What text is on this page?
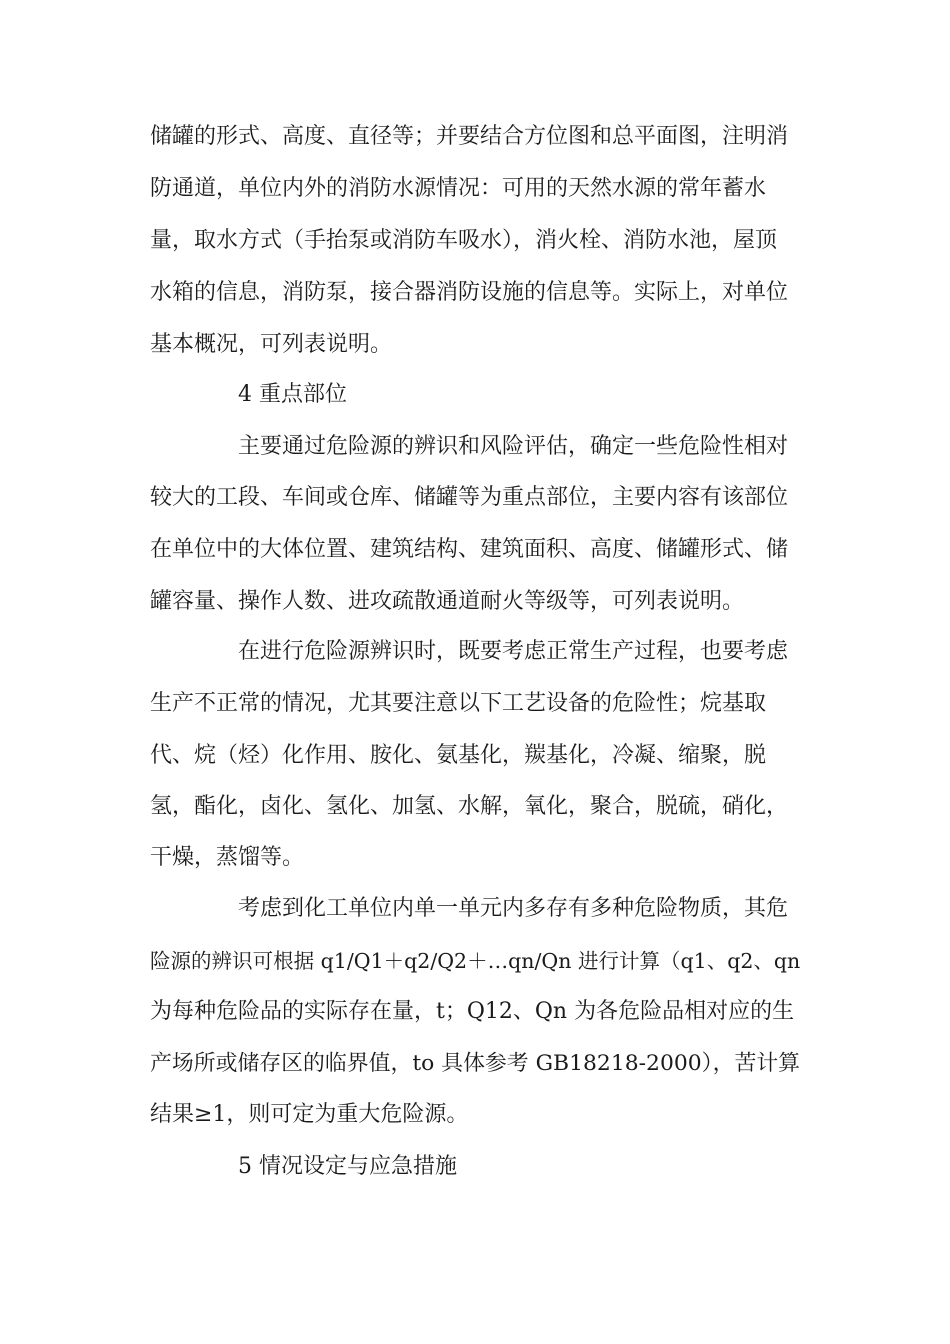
储罐的形式、高度、直径等；并要结合方位图和总平面图，注明消
防通道，单位内外的消防水源情况：可用的天然水源的常年蓄水
量，取水方式（手抬泵或消防车吸水），消火栓、消防水池，屋顶
水箱的信息，消防泵，接合器消防设施的信息等。实际上，对单位
基本概况，可列表说明。
4 重点部位
主要通过危险源的辨识和风险评估，确定一些危险性相对
较大的工段、车间或仓库、储罐等为重点部位，主要内容有该部位
在单位中的大体位置、建筑结构、建筑面积、高度、储罐形式、储
罐容量、操作人数、进攻疏散通道耐火等级等，可列表说明。
在进行危险源辨识时，既要考虑正常生产过程，也要考虑
生产不正常的情况，尤其要注意以下工艺设备的危险性；烷基取
代、烷（烃）化作用、胺化、氨基化，羰基化，冷凝、缩聚，脱
氢，酯化，卤化、氢化、加氢、水解，氧化，聚合，脱硫，硝化，
干燥，蒸馏等。
考虑到化工单位内单一单元内多存有多种危险物质，其危
险源的辨识可根据 q1/Q1＋q2/Q2＋…qn/Qn 进行计算（q1、q2、qn
为每种危险品的实际存在量，t；Q12、Qn 为各危险品相对应的生
产场所或储存区的临界值，to 具体参考 GB18218-2000），苦计算
结果≥1，则可定为重大危险源。
5 情况设定与应急措施
